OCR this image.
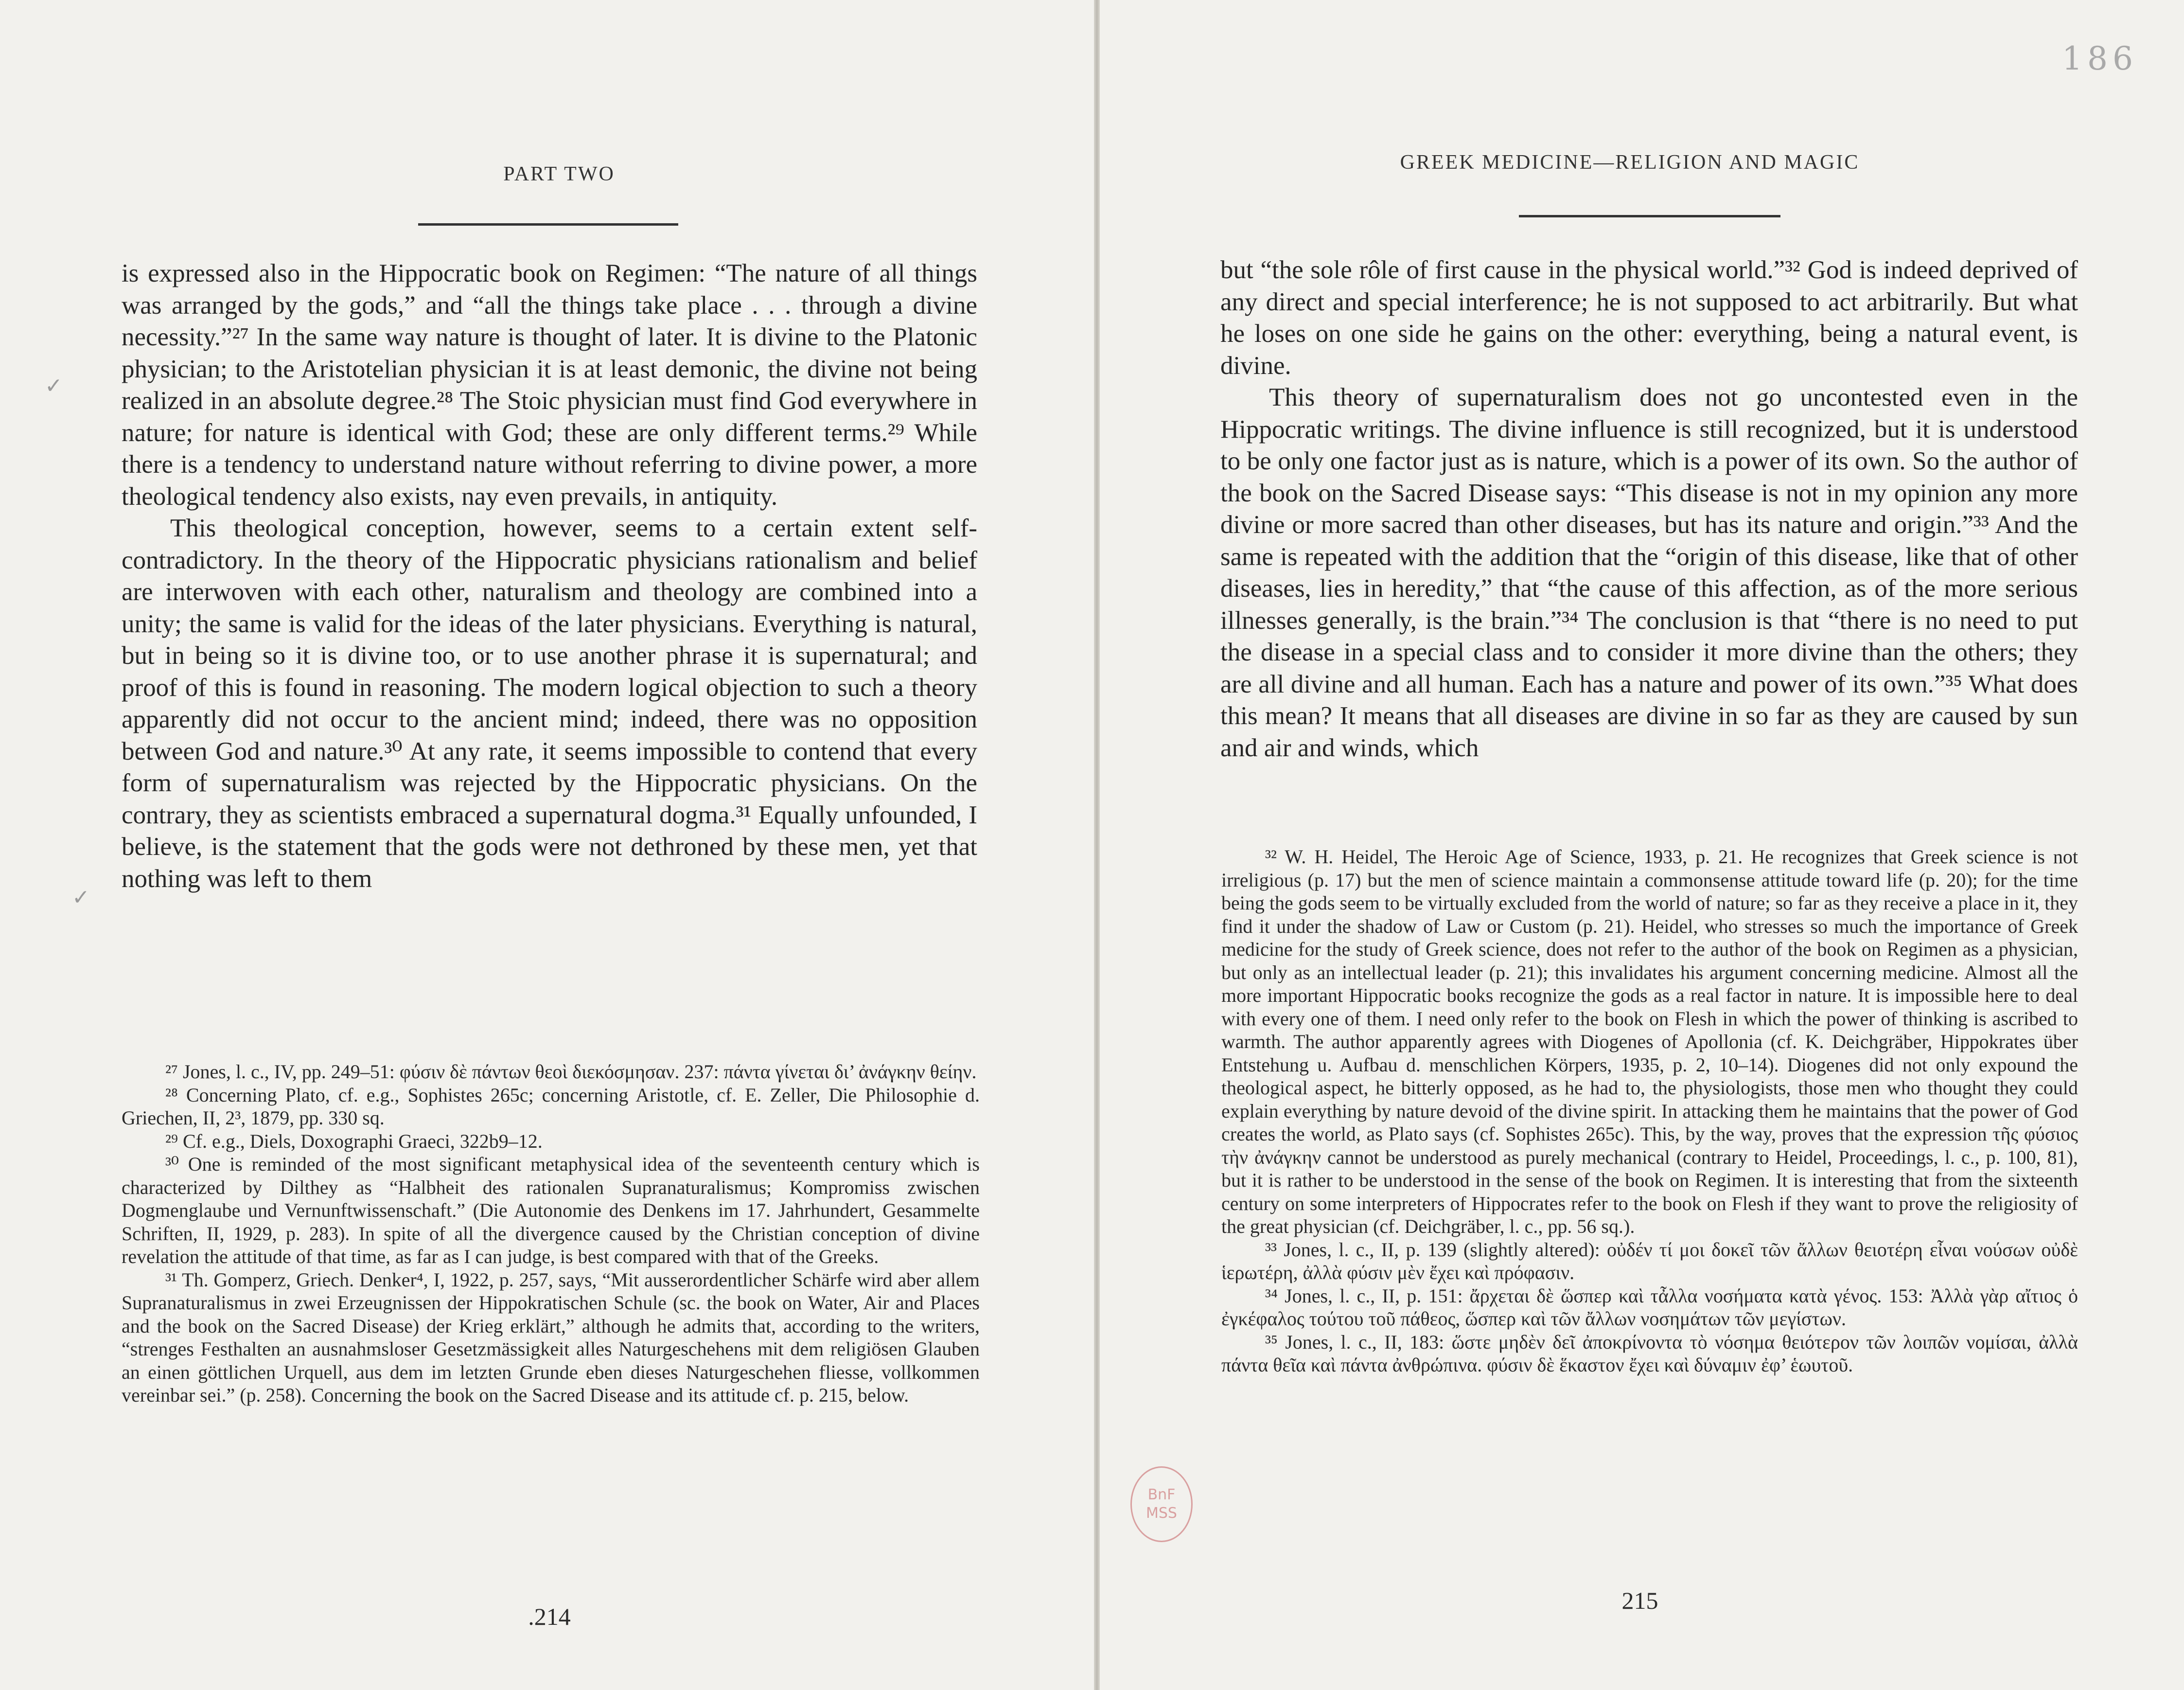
PART TWO

is expressed also in the Hippocratic book on Regimen: “The nature of all things was arranged by the gods,” and “all the things take place . . . through a divine necessity.”²⁷ In the same way nature is thought of later. It is divine to the Platonic physician; to the Aristotelian physician it is at least demonic, the divine not being realized in an absolute degree.²⁸ The Stoic physician must find God everywhere in nature; for nature is identical with God; these are only different terms.²⁹ While there is a tendency to understand nature without referring to divine power, a more theological tendency also exists, nay even prevails, in antiquity.

This theological conception, however, seems to a certain extent self-contradictory. In the theory of the Hippocratic physicians rationalism and belief are interwoven with each other, naturalism and theology are combined into a unity; the same is valid for the ideas of the later physicians. Everything is natural, but in being so it is divine too, or to use another phrase it is supernatural; and proof of this is found in reasoning. The modern logical objection to such a theory apparently did not occur to the ancient mind; indeed, there was no opposition between God and nature.³⁰ At any rate, it seems impossible to contend that every form of supernaturalism was rejected by the Hippocratic physicians. On the contrary, they as scientists embraced a supernatural dogma.³¹ Equally unfounded, I believe, is the statement that the gods were not dethroned by these men, yet that nothing was left to them

²⁷ Jones, l. c., IV, pp. 249–51: φύσιν δὲ πάντων θεοὶ διεκόσμησαν. 237: πάντα γίνεται δι’ ἀνάγκην θείην.

²⁸ Concerning Plato, cf. e.g., Sophistes 265c; concerning Aristotle, cf. E. Zeller, Die Philosophie d. Griechen, II, 2³, 1879, pp. 330 sq.

²⁹ Cf. e.g., Diels, Doxographi Graeci, 322b9–12.

³⁰ One is reminded of the most significant metaphysical idea of the seventeenth century which is characterized by Dilthey as “Halbheit des rationalen Supranaturalismus; Kompromiss zwischen Dogmenglaube und Vernunftwissenschaft.” (Die Autonomie des Denkens im 17. Jahrhundert, Gesammelte Schriften, II, 1929, p. 283). In spite of all the divergence caused by the Christian conception of divine revelation the attitude of that time, as far as I can judge, is best compared with that of the Greeks.

³¹ Th. Gomperz, Griech. Denker⁴, I, 1922, p. 257, says, “Mit ausserordentlicher Schärfe wird aber allem Supranaturalismus in zwei Erzeugnissen der Hippokratischen Schule (sc. the book on Water, Air and Places and the book on the Sacred Disease) der Krieg erklärt,” although he admits that, according to the writers, “strenges Festhalten an ausnahmsloser Gesetzmässigkeit alles Naturgeschehens mit dem religiösen Glauben an einen göttlichen Urquell, aus dem im letzten Grunde eben dieses Naturgeschehen fliesse, vollkommen vereinbar sei.” (p. 258). Concerning the book on the Sacred Disease and its attitude cf. p. 215, below.

.214
✓
✓
186
GREEK MEDICINE—RELIGION AND MAGIC

but “the sole rôle of first cause in the physical world.”³² God is indeed deprived of any direct and special interference; he is not supposed to act arbitrarily. But what he loses on one side he gains on the other: everything, being a natural event, is divine.

This theory of supernaturalism does not go uncontested even in the Hippocratic writings. The divine influence is still recognized, but it is understood to be only one factor just as is nature, which is a power of its own. So the author of the book on the Sacred Disease says: “This disease is not in my opinion any more divine or more sacred than other diseases, but has its nature and origin.”³³ And the same is repeated with the addition that the “origin of this disease, like that of other diseases, lies in heredity,” that “the cause of this affection, as of the more serious illnesses generally, is the brain.”³⁴ The conclusion is that “there is no need to put the disease in a special class and to consider it more divine than the others; they are all divine and all human. Each has a nature and power of its own.”³⁵ What does this mean? It means that all diseases are divine in so far as they are caused by sun and air and winds, which

³² W. H. Heidel, The Heroic Age of Science, 1933, p. 21. He recognizes that Greek science is not irreligious (p. 17) but the men of science maintain a commonsense attitude toward life (p. 20); for the time being the gods seem to be virtually excluded from the world of nature; so far as they receive a place in it, they find it under the shadow of Law or Custom (p. 21). Heidel, who stresses so much the importance of Greek medicine for the study of Greek science, does not refer to the author of the book on Regimen as a physician, but only as an intellectual leader (p. 21); this invalidates his argument concerning medicine. Almost all the more important Hippocratic books recognize the gods as a real factor in nature. It is impossible here to deal with every one of them. I need only refer to the book on Flesh in which the power of thinking is ascribed to warmth. The author apparently agrees with Diogenes of Apollonia (cf. K. Deichgräber, Hippokrates über Entstehung u. Aufbau d. menschlichen Körpers, 1935, p. 2, 10–14). Diogenes did not only expound the theological aspect, he bitterly opposed, as he had to, the physiologists, those men who thought they could explain everything by nature devoid of the divine spirit. In attacking them he maintains that the power of God creates the world, as Plato says (cf. Sophistes 265c). This, by the way, proves that the expression τῆς φύσιος τὴν ἀνάγκην cannot be understood as purely mechanical (contrary to Heidel, Proceedings, l. c., p. 100, 81), but it is rather to be understood in the sense of the book on Regimen. It is interesting that from the sixteenth century on some interpreters of Hippocrates refer to the book on Flesh if they want to prove the religiosity of the great physician (cf. Deichgräber, l. c., pp. 56 sq.).

³³ Jones, l. c., II, p. 139 (slightly altered): οὐδέν τί μοι δοκεῖ τῶν ἄλλων θειοτέρη εἶναι νούσων οὐδὲ ἱερωτέρη, ἀλλὰ φύσιν μὲν ἔχει καὶ πρόφασιν.

³⁴ Jones, l. c., II, p. 151: ἄρχεται δὲ ὥσπερ καὶ τἆλλα νοσήματα κατὰ γένος. 153: Ἀλλὰ γὰρ αἴτιος ὁ ἐγκέφαλος τούτου τοῦ πάθεος, ὥσπερ καὶ τῶν ἄλλων νοσημάτων τῶν μεγίστων.

³⁵ Jones, l. c., II, 183: ὥστε μηδὲν δεῖ ἀποκρίνοντα τὸ νόσημα θειότερον τῶν λοιπῶν νομίσαι, ἀλλὰ πάντα θεῖα καὶ πάντα ἀνθρώπινα. φύσιν δὲ ἕκαστον ἔχει καὶ δύναμιν ἐφ’ ἑωυτοῦ.

215
BnF
MSS
